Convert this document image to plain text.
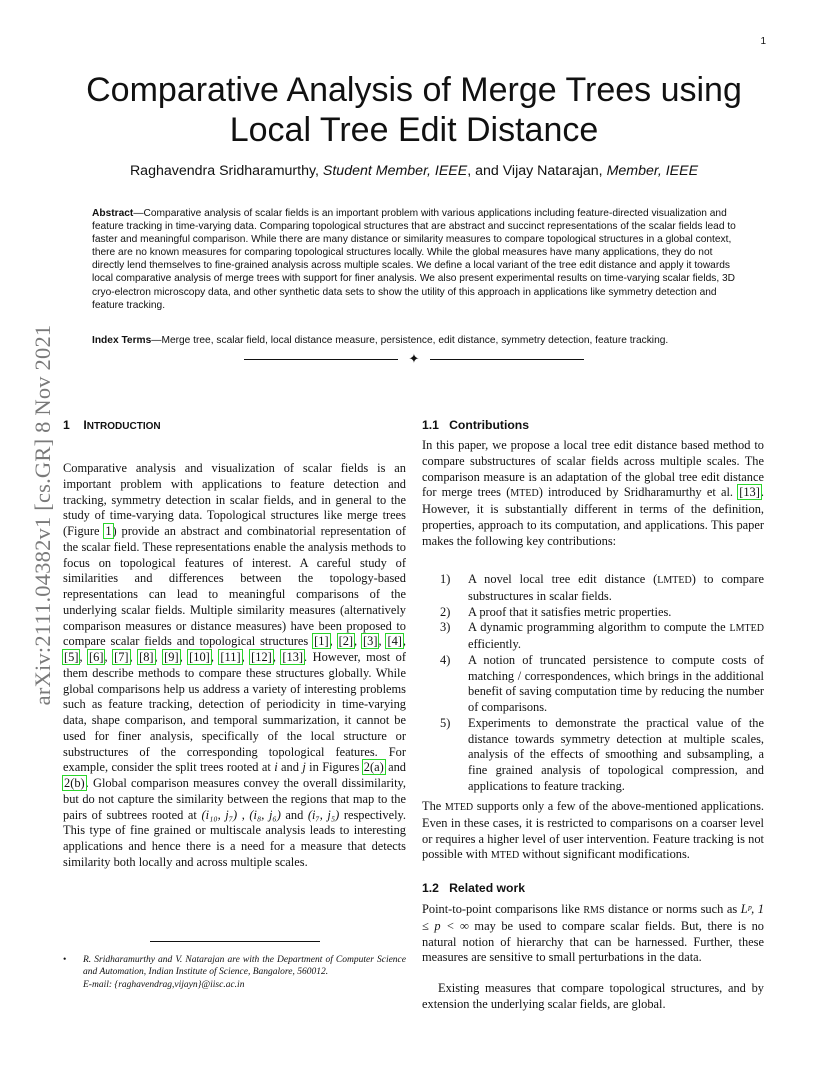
1
arXiv:2111.04382v1 [cs.GR] 8 Nov 2021
Comparative Analysis of Merge Trees using
Local Tree Edit Distance
Raghavendra Sridharamurthy, Student Member, IEEE, and Vijay Natarajan, Member, IEEE

Abstract—Comparative analysis of scalar fields is an important problem with various applications including feature-directed visualization and feature tracking in time-varying data. Comparing topological structures that are abstract and succinct representations of the scalar fields lead to faster and meaningful comparison. While there are many distance or similarity measures to compare topological structures in a global context, there are no known measures for comparing topological structures locally. While the global measures have many applications, they do not directly lend themselves to fine-grained analysis across multiple scales. We define a local variant of the tree edit distance and apply it towards local comparative analysis of merge trees with support for finer analysis. We also present experimental results on time-varying scalar fields, 3D cryo-electron microscopy data, and other synthetic data sets to show the utility of this approach in applications like symmetry detection and feature tracking.

Index Terms—Merge tree, scalar field, local distance measure, persistence, edit distance, symmetry detection, feature tracking.

✦
1 INTRODUCTION

Comparative analysis and visualization of scalar fields is an important problem with applications to feature detection and tracking, symmetry detection in scalar fields, and in general to the study of time-varying data. Topological structures like merge trees (Figure 1) provide an abstract and combinatorial representation of the scalar field. These representations enable the analysis methods to focus on topological features of interest. A careful study of similarities and differences between the topology-based representations can lead to meaningful comparisons of the underlying scalar fields. Multiple similarity measures (alternatively comparison measures or distance measures) have been proposed to compare scalar fields and topological structures [1], [2], [3], [4], [5], [6], [7], [8], [9], [10], [11], [12], [13]. However, most of them describe methods to compare these structures globally. While global comparisons help us address a variety of interesting problems such as feature tracking, detection of periodicity in time-varying data, shape comparison, and temporal summarization, it cannot be used for finer analysis, specifically of the local structure or substructures of the corresponding topological features. For example, consider the split trees rooted at i and j in Figures 2(a) and 2(b). Global comparison measures convey the overall dissimilarity, but do not capture the similarity between the regions that map to the pairs of subtrees rooted at (i₁₀, j₇) , (i₈, j₆) and (i₇, j₅) respectively. This type of fine grained or multiscale analysis leads to interesting applications and hence there is a need for a measure that detects similarity both locally and across multiple scales.

• R. Sridharamurthy and V. Natarajan are with the Department of Computer Science and Automation, Indian Institute of Science, Bangalore, 560012.
E-mail: {raghavendrag,vijayn}@iisc.ac.in
1.1 Contributions

In this paper, we propose a local tree edit distance based method to compare substructures of scalar fields across multiple scales. The comparison measure is an adaptation of the global tree edit distance for merge trees (MTED) introduced by Sridharamurthy et al. [13]. However, it is substantially different in terms of the definition, properties, approach to its computation, and applications. This paper makes the following key contributions:

1) A novel local tree edit distance (LMTED) to compare substructures in scalar fields.
2) A proof that it satisfies metric properties.
3) A dynamic programming algorithm to compute the LMTED efficiently.
4) A notion of truncated persistence to compute costs of matching / correspondences, which brings in the additional benefit of saving computation time by reducing the number of comparisons.
5) Experiments to demonstrate the practical value of the distance towards symmetry detection at multiple scales, analysis of the effects of smoothing and subsampling, a fine grained analysis of topological compression, and applications to feature tracking.

The MTED supports only a few of the above-mentioned applications. Even in these cases, it is restricted to comparisons on a coarser level or requires a higher level of user intervention. Feature tracking is not possible with MTED without significant modifications.

1.2 Related work

Point-to-point comparisons like RMS distance or norms such as Lᵖ, 1 ≤ p < ∞ may be used to compare scalar fields. But, there is no natural notion of hierarchy that can be harnessed. Further, these measures are sensitive to small perturbations in the data.

Existing measures that compare topological structures, and by extension the underlying scalar fields, are global.
